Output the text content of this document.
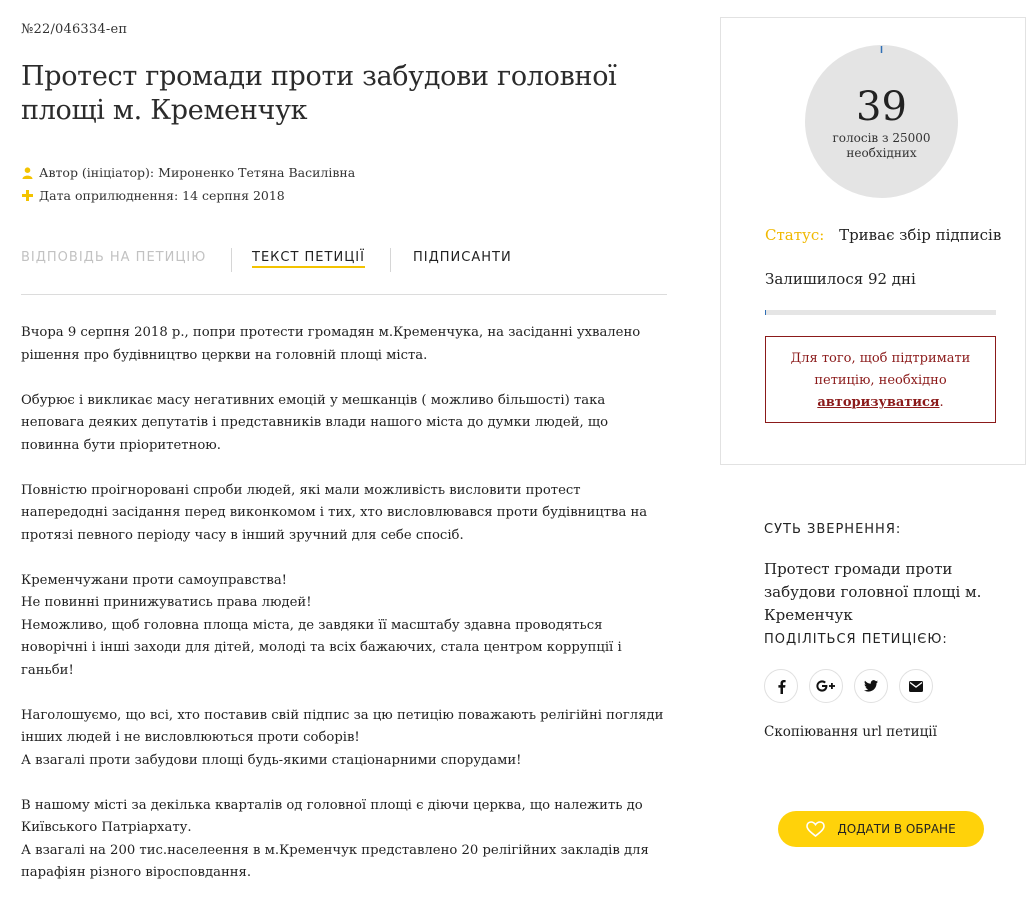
№22/046334-еп
Протест громади проти забудови головної площі м. Кременчук
Автор (ініціатор):
Мироненко Тетяна Василівна
Дата оприлюднення:
14 серпня 2018
ВІДПОВІДЬ НА ПЕТИЦІЮ	ТЕКСТ ПЕТИЦІЇ	ПІДПИСАНТИ

Вчора 9 серпня 2018 р., попри протести громадян м.Кременчука, на засіданні ухвалено рішення про будівництво церкви на головній площі міста.

Обурює і викликає масу негативних емоцій у мешканців ( можливо більшості) така неповага деяких депутатів і представників влади нашого міста до думки людей, що повинна бути пріоритетною.

Повністю проігноровані спроби людей, які мали можливість висловити протест напередодні засідання перед виконкомом і тих, хто висловлювався проти будівництва на протязі певного періоду часу в інший зручний для себе спосіб.

Кременчужани проти самоуправства!
Не повинні принижуватись права людей!
Неможливо, щоб головна площа міста, де завдяки її масштабу здавна проводяться новорічні і інші заходи для дітей, молоді та всіх бажаючих, стала центром коррупції і ганьби!

Наголошуємо, що всі, хто поставив свій підпис за цю петицію поважають релігійні погляди інших людей і не висловлюються проти соборів!
А взагалі проти забудови площі будь-якими стаціонарними спорудами!

В нашому місті за декілька кварталів од головної площі є діючи церква, що належить до Київського Патріархату.
А взагалі на 200 тис.населеення в м.Кременчук представлено 20 релігійних закладів для парафіян різного віросповдання.

39
голосів з 25000 необхідних
Статус: Триває збір підписів
Залишилося 92 дні
Для того, щоб підтримати петицію, необхідно
авторизуватися.
СУТЬ ЗВЕРНЕННЯ:
Протест громади проти забудови головної площі м. Кременчук
ПОДІЛІТЬСЯ ПЕТИЦІЄЮ:
Скопіювання url петиції
ДОДАТИ В ОБРАНЕ
